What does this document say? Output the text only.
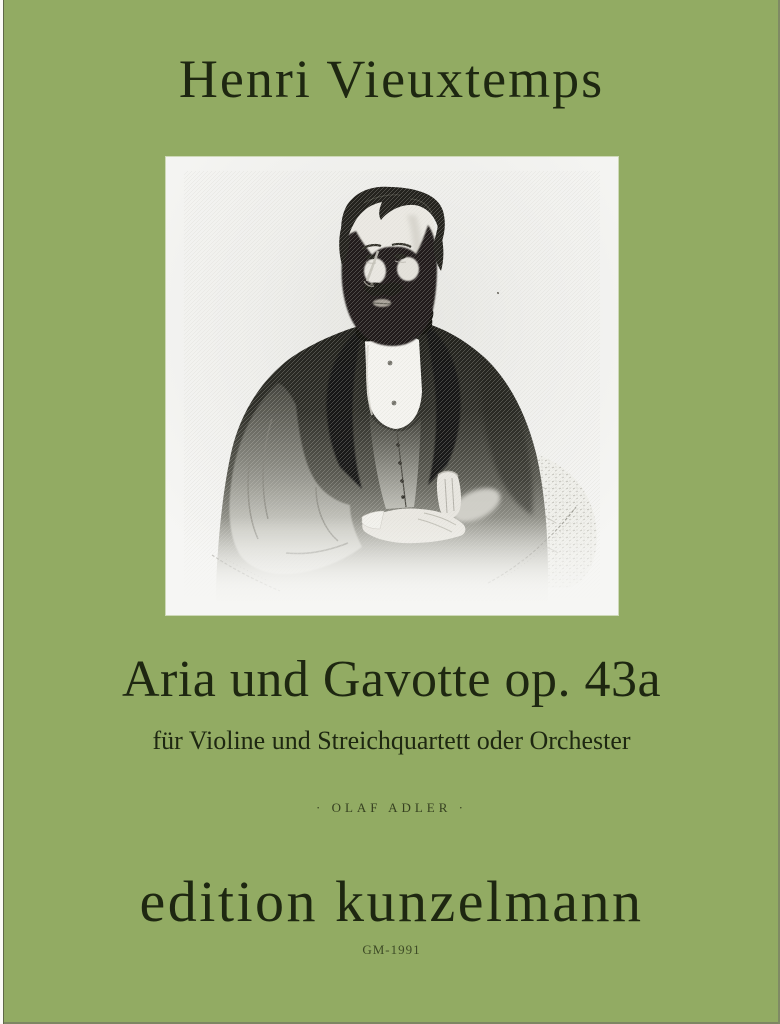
Henri Vieuxtemps
Aria und Gavotte op. 43a
für Violine und Streichquartett oder Orchester
· OLAF ADLER ·
edition kunzelmann
GM-1991
